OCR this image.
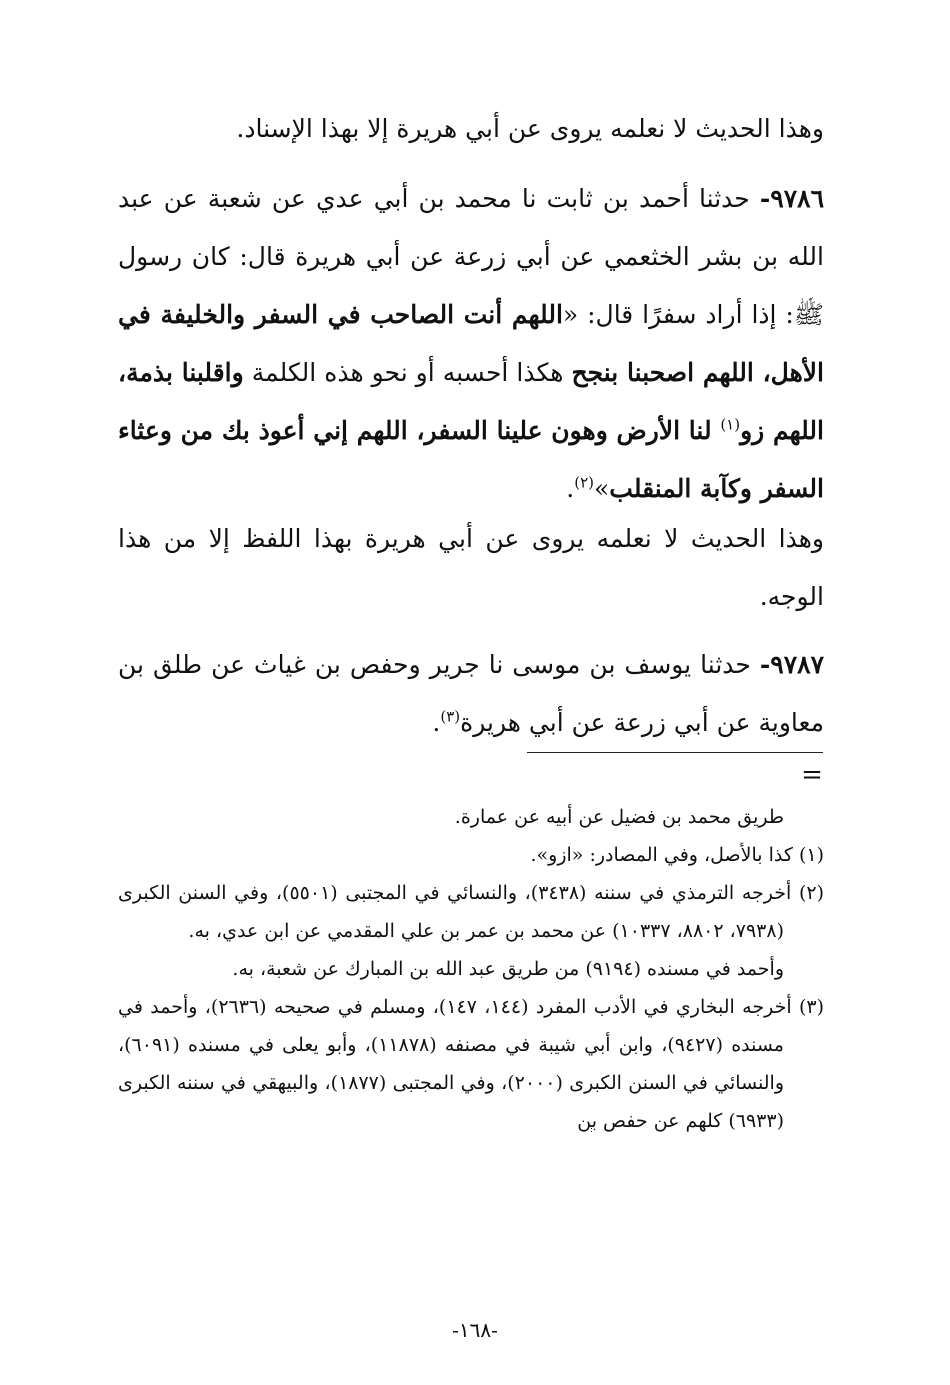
وهذا الحديث لا نعلمه يروى عن أبي هريرة إلا بهذا الإسناد.
٩٧٨٦- حدثنا أحمد بن ثابت نا محمد بن أبي عدي عن شعبة عن عبد الله بن بشر الخثعمي عن أبي زرعة عن أبي هريرة قال: كان رسول ﷺ: إذا أراد سفرًا قال: «اللهم أنت الصاحب في السفر والخليفة في الأهل، اللهم اصحبنا بنجح هكذا أحسبه أو نحو هذه الكلمة واقلبنا بذمة، اللهم زو$^{(١)}$ لنا الأرض وهون علينا السفر، اللهم إني أعوذ بك من وعثاء السفر وكآبة المنقلب»$^{(٢)}$.
وهذا الحديث لا نعلمه يروى عن أبي هريرة بهذا اللفظ إلا من هذا الوجه.
٩٧٨٧- حدثنا يوسف بن موسى نا جرير وحفص بن غياث عن طلق بن معاوية عن أبي زرعة عن أبي هريرة$^{(٣)}$.
=

طريق محمد بن فضيل عن أبيه عن عمارة.

(١) كذا بالأصل، وفي المصادر: «ازو».

(٢) أخرجه الترمذي في سننه (٣٤٣٨)، والنسائي في المجتبى (٥٥٠١)، وفي السنن الكبرى (٧٩٣٨، ٨٨٠٢، ١٠٣٣٧) عن محمد بن عمر بن علي المقدمي عن ابن عدي، به.

وأحمد في مسنده (٩١٩٤) من طريق عبد الله بن المبارك عن شعبة، به.

(٣) أخرجه البخاري في الأدب المفرد (١٤٤، ١٤٧)، ومسلم في صحيحه (٢٦٣٦)، وأحمد في مسنده (٩٤٢٧)، وابن أبي شيبة في مصنفه (١١٨٧٨)، وأبو يعلى في مسنده (٦٠٩١)، والنسائي في السنن الكبرى (٢٠٠٠)، وفي المجتبى (١٨٧٧)، والبيهقي في سننه الكبرى (٦٩٣٣) كلهم عن حفص بن

-١٦٨-
